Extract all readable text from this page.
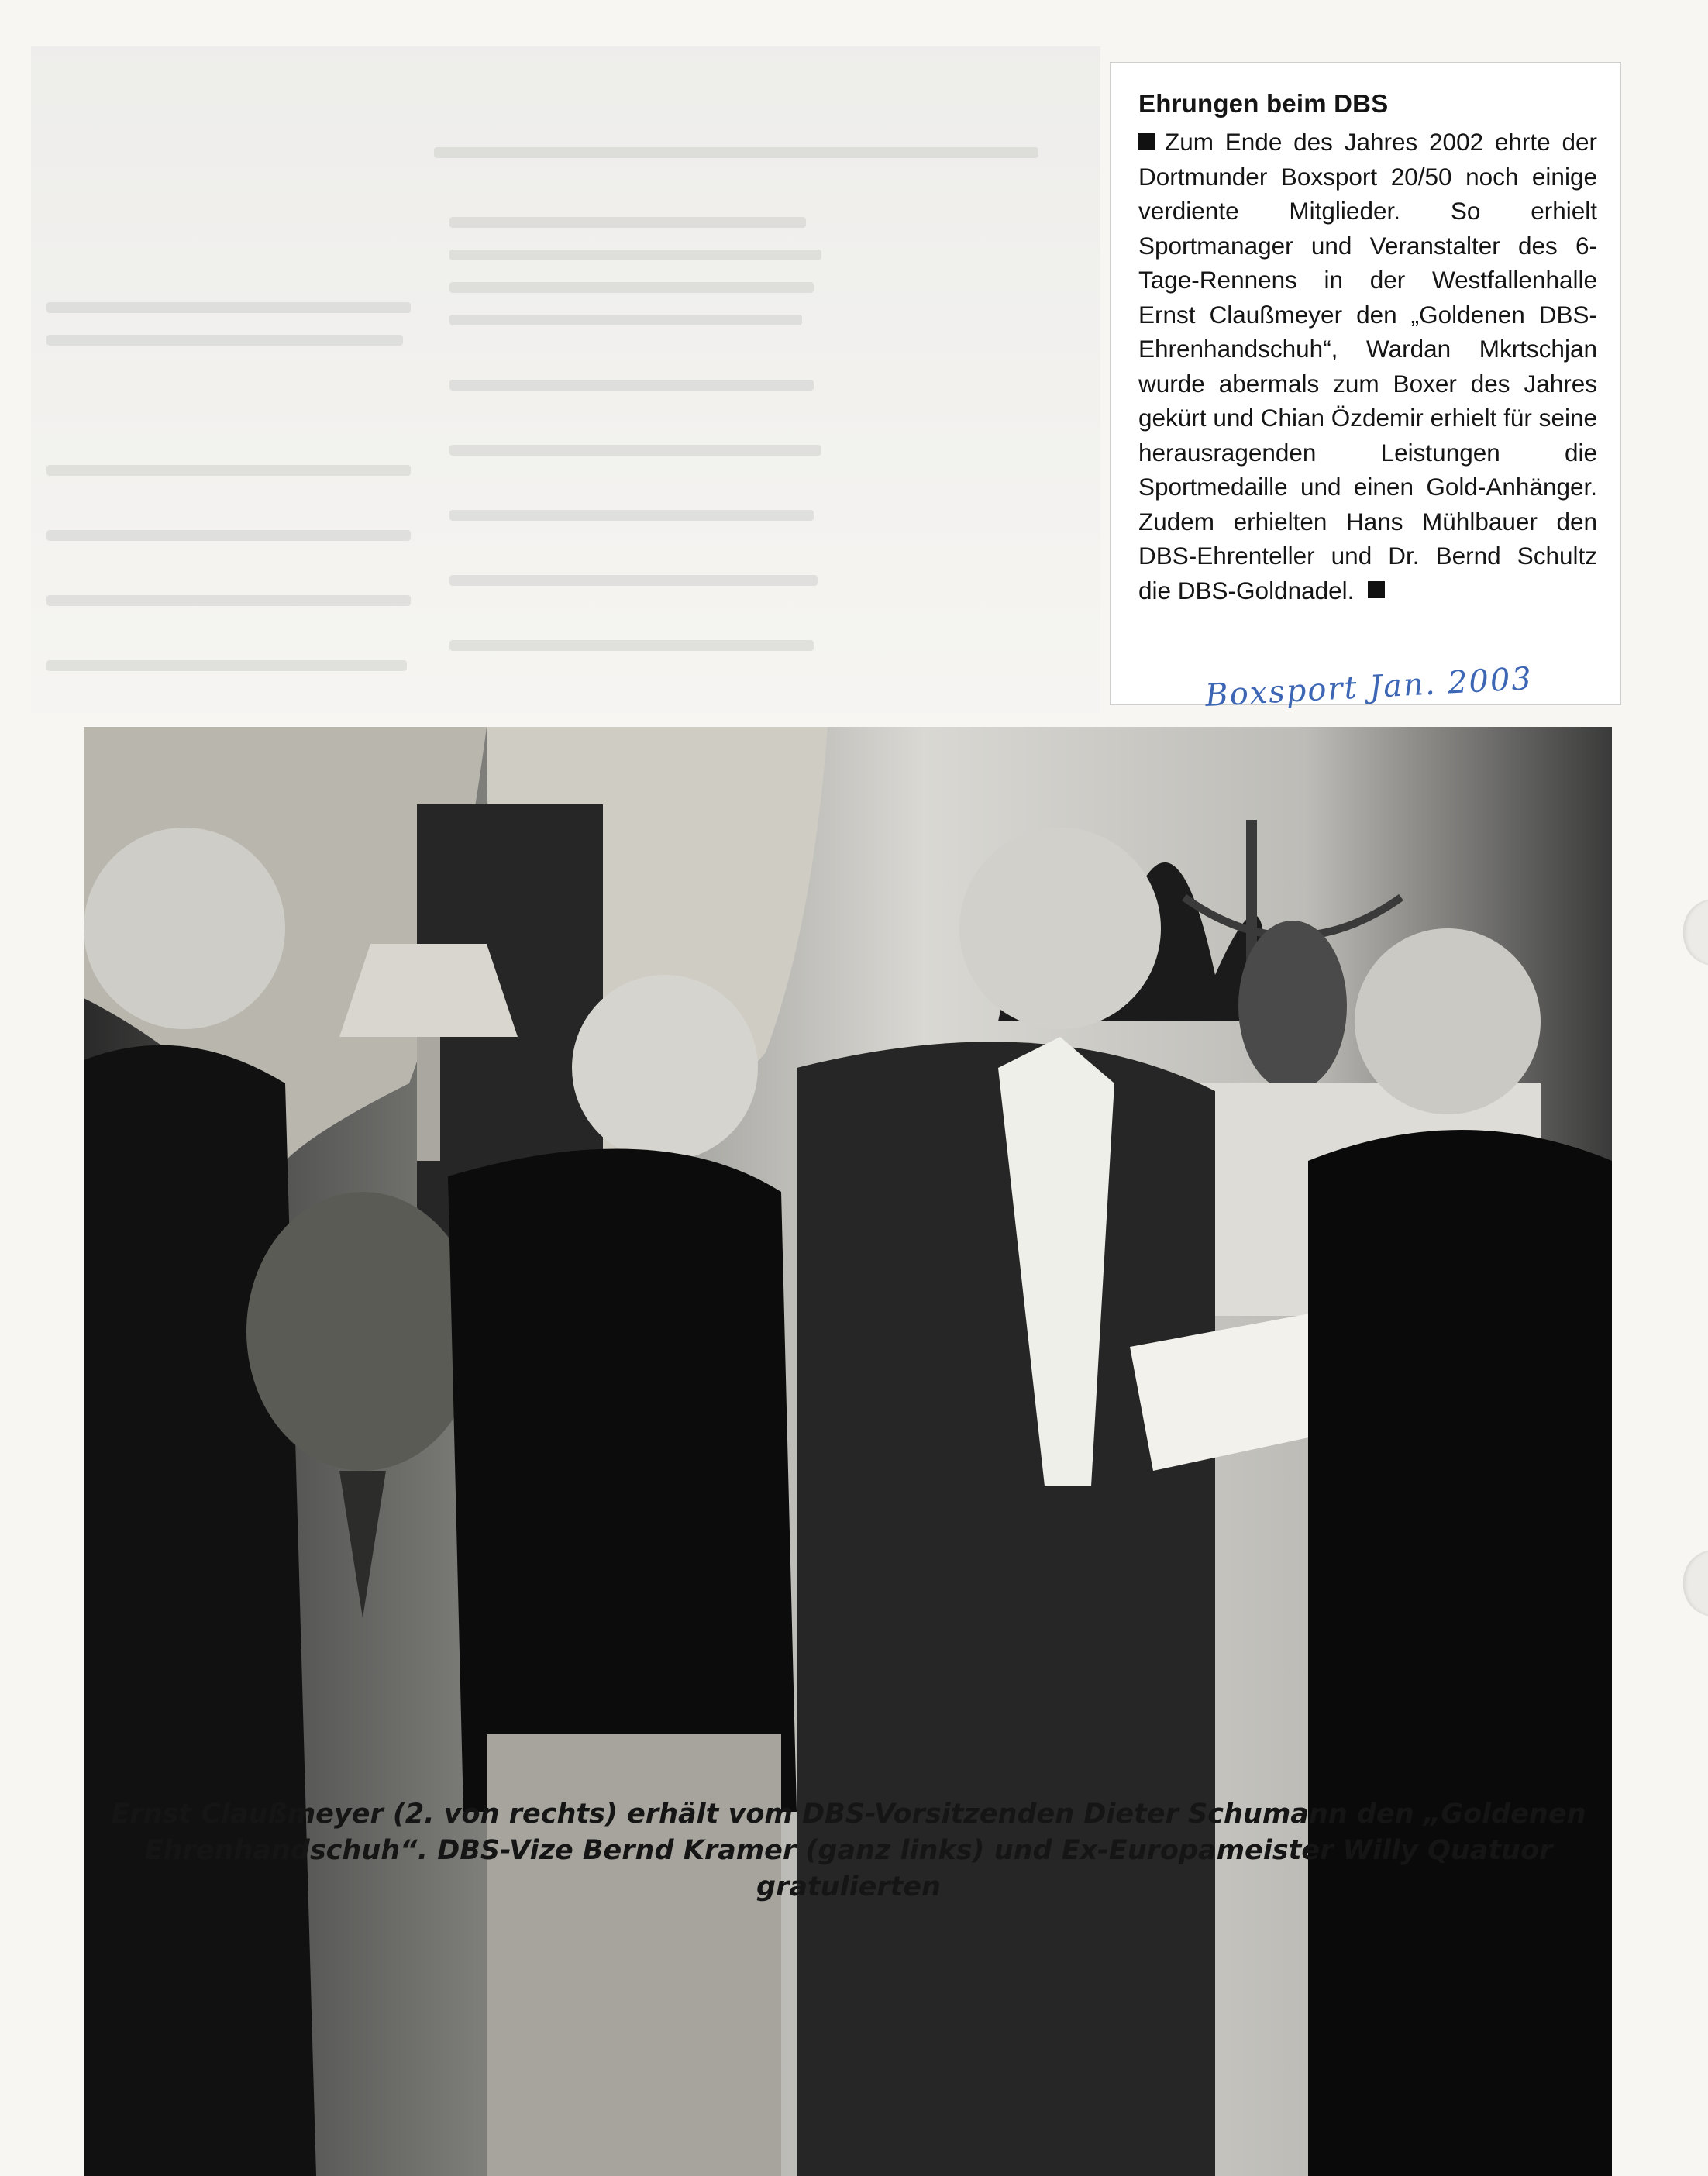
Ehrungen beim DBS

Zum Ende des Jahres 2002 ehrte der Dortmunder Boxsport 20/50 noch einige verdiente Mitglieder. So erhielt Sportmanager und Veranstalter des 6-Tage-Rennens in der Westfallenhalle Ernst Claußmeyer den „Goldenen DBS-Ehrenhandschuh“, Wardan Mkrtschjan wurde abermals zum Boxer des Jahres gekürt und Chian Özdemir erhielt für seine herausragenden Leistungen die Sportmedaille und einen Gold-Anhänger. Zudem erhielten Hans Mühlbauer den DBS-Ehrenteller und Dr. Bernd Schultz die DBS-Goldnadel.

Boxsport Jan. 2003
Ernst Claußmeyer (2. von rechts) erhält vom DBS-Vorsitzenden Dieter Schumann den „Goldenen Ehrenhandschuh“. DBS-Vize Bernd Kramer (ganz links) und Ex-Europameister Willy Quatuor gratulierten
